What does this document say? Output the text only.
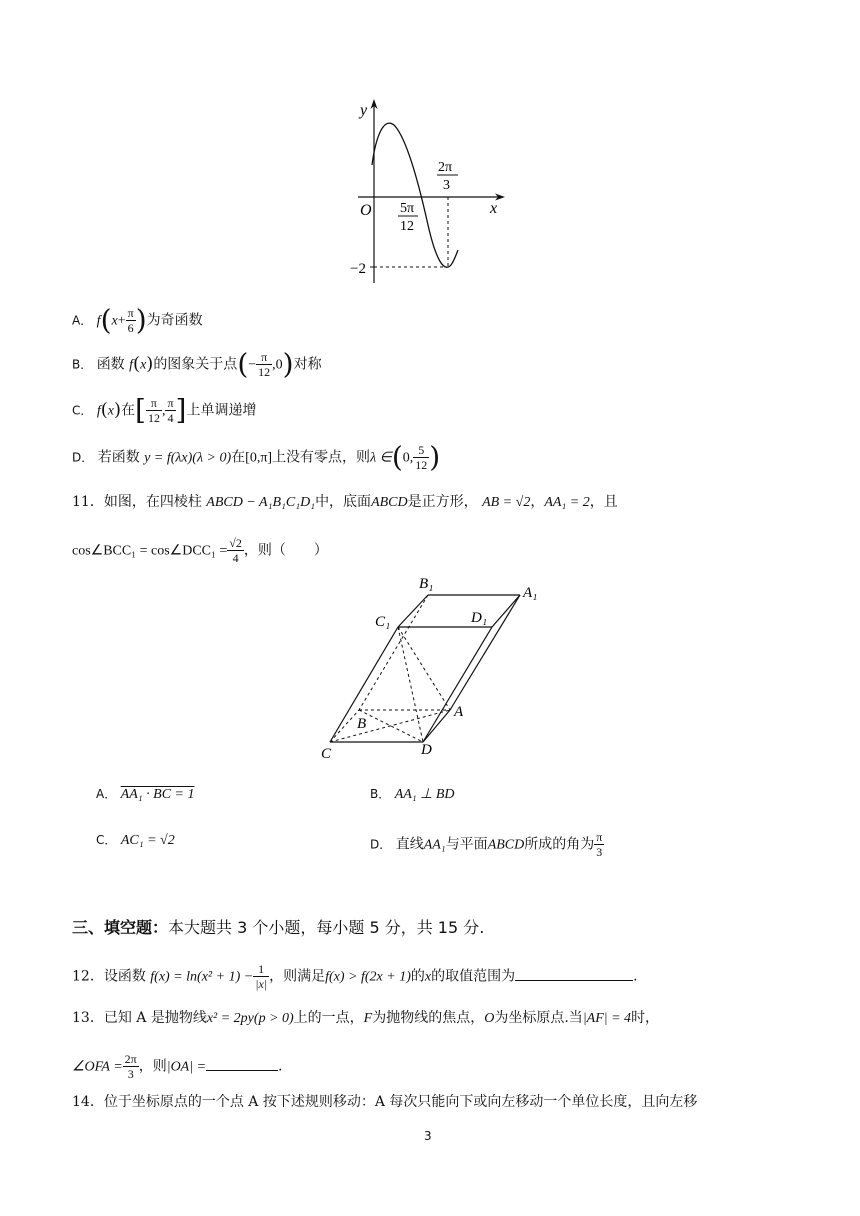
y
x
O 5π
12
2π
3
−2
A． $f(x+ \frac{\pi}{6}$ )为奇函数
B． 函数 f(x)的图象关于点(− $\frac{\pi}{12} ,0$)对称
C． f(x)在[ $\frac{\pi}{12}$ , $\frac{\pi}{4}$ ]上单调递增
D． 若函数 y = f(λx)(λ > 0)在[0,π]上没有零点，则λ ∈(0, $\frac{5}{12}$ )
11．如图，在四棱柱 ABCD − A₁B₁C₁D₁中，底面ABCD是正方形， AB = √2，AA₁ = 2，且
cos∠BCC₁ = cos∠DCC₁ = $\frac{√2}{4}$ ，则（　　）
B₁
A₁
C₁	D₁
A
B
C	D
A． AA₁ · BC = 1	B． AA₁ ⊥ BD
C． AC₁ = √2	D． 直线AA₁与平面ABCD所成的角为 $\frac{\pi}{3}$
三、填空题：本大题共 3 个小题，每小题 5 分，共 15 分.
12．设函数 $f(x) = \ln(x^2 + 1) - \frac{1}{|x|}$ ，则满足f(x) > f(2x + 1)的x的取值范围为	.
13．已知 A 是抛物线x² = 2py(p > 0)上的一点，F为抛物线的焦点，O为坐标原点.当|AF| = 4时，
∠OFA = $\frac{2\pi}{3}$ ，则|OA| =	.
14．位于坐标原点的一个点 A 按下述规则移动：A 每次只能向下或向左移动一个单位长度，且向左移
3
